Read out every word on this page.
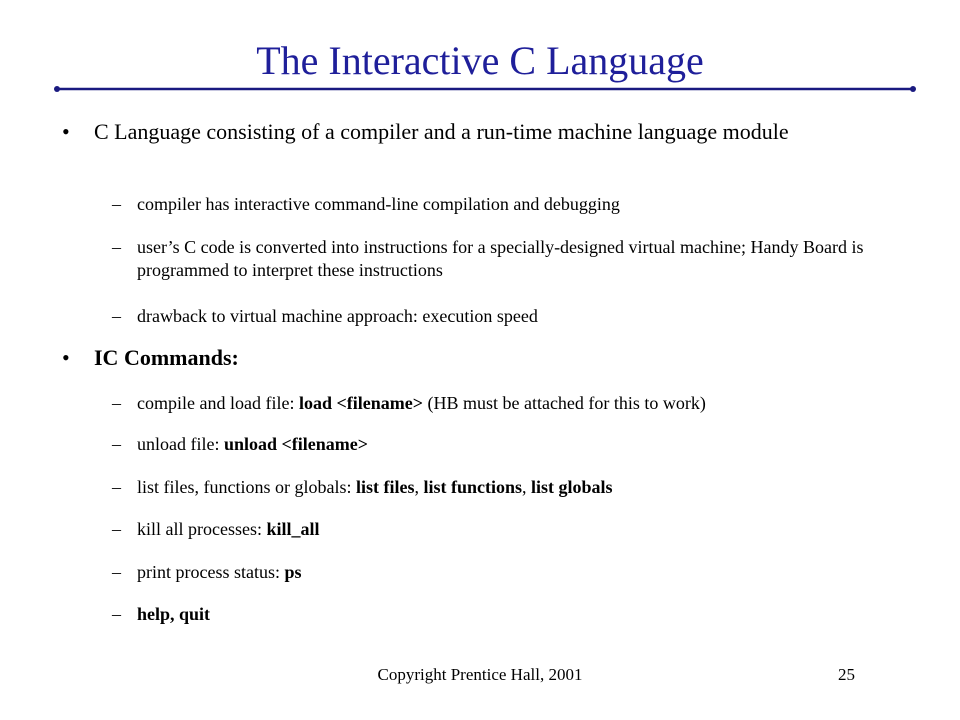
The Interactive C Language
• C Language consisting of a compiler and a run-time machine language module
– compiler has interactive command-line compilation and debugging
– user’s C code is converted into instructions for a specially-designed virtual machine; Handy Board is programmed to interpret these instructions
– drawback to virtual machine approach: execution speed
• IC Commands:
– compile and load file: load <filename> (HB must be attached for this to work)
– unload file: unload <filename>
– list files, functions or globals: list files, list functions, list globals
– kill all processes: kill_all
– print process status: ps
– help, quit
Copyright Prentice Hall, 2001	25
